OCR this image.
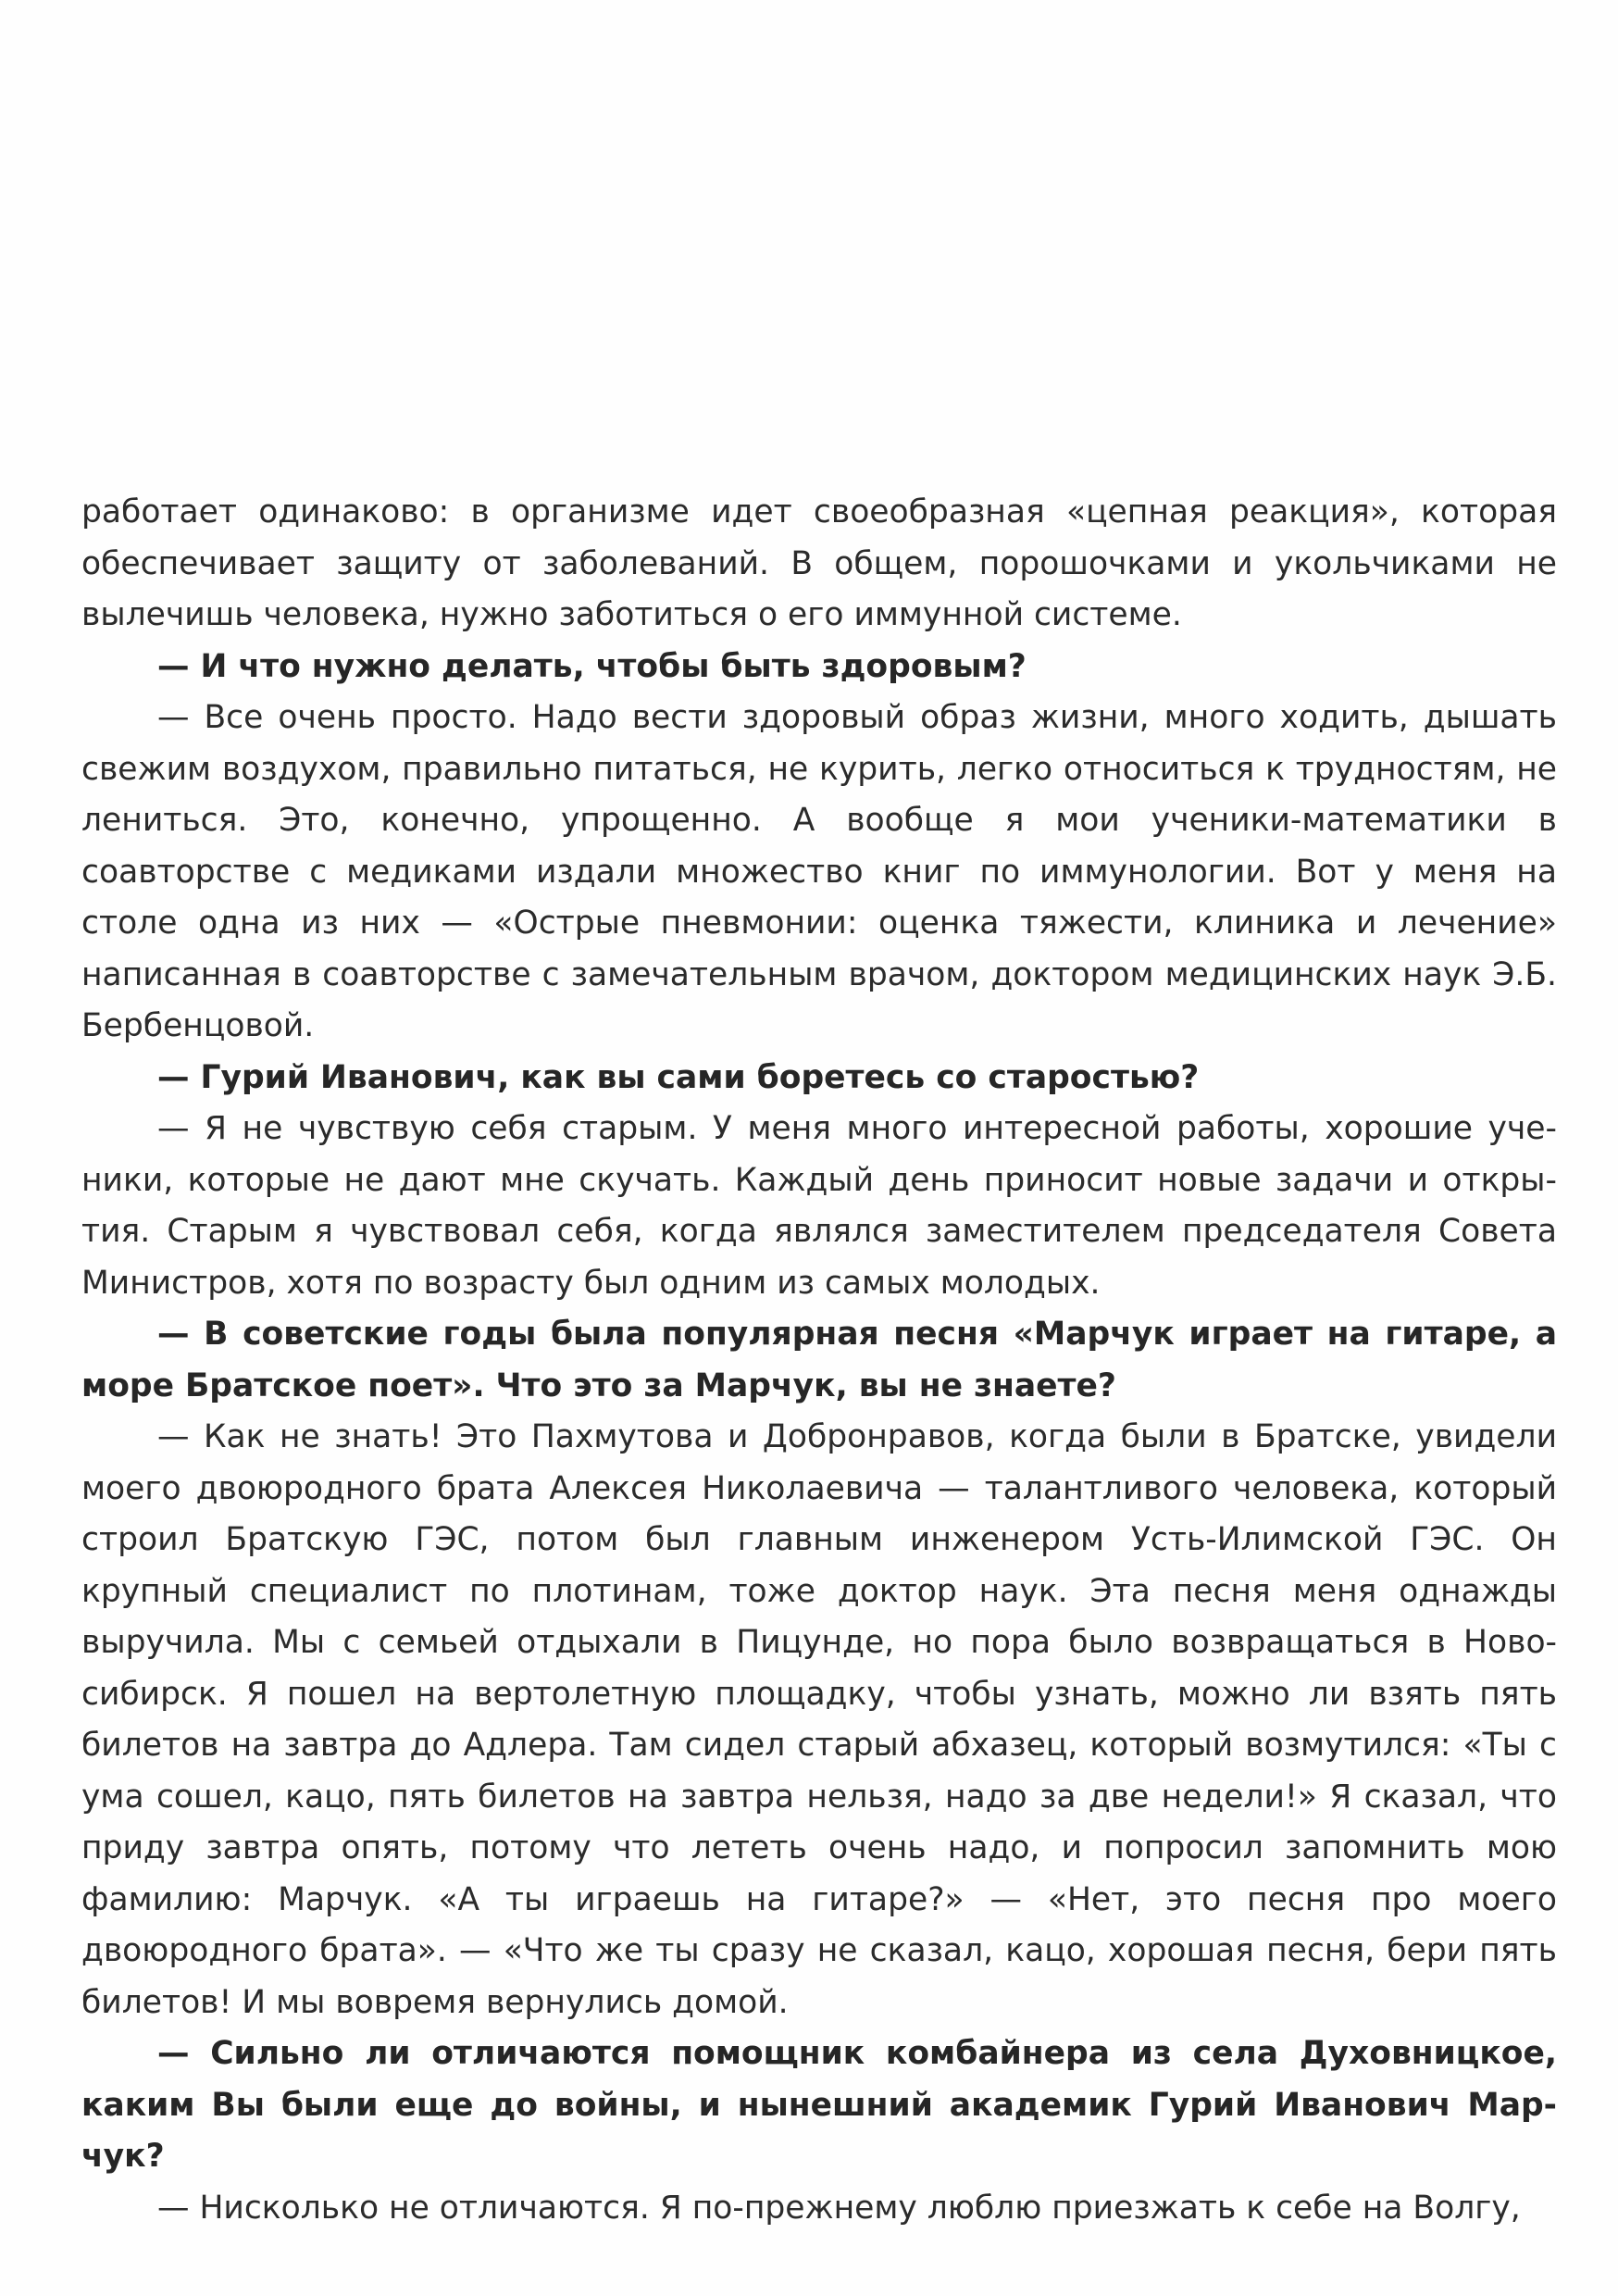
работает одинаково: в организме идет своеобразная «цепная реакция», которая обеспечивает защиту от заболеваний. В общем, порошочками и укольчиками не вылечишь человека, нужно заботиться о его иммунной системе.

— И что нужно делать, чтобы быть здоровым?

— Все очень просто. Надо вести здоровый образ жизни, много ходить, дышать свежим воздухом, правильно питаться, не курить, легко относиться к трудностям, не лениться. Это, конечно, упрощенно. А вообще я мои ученики-математики в соавторстве с медиками издали множество книг по иммунологии. Вот у меня на столе одна из них — «Острые пневмонии: оценка тяжести, клиника и лечение» написанная в соавторстве с замечательным врачом, доктором медицинских наук Э.Б. Бербенцовой.

— Гурий Иванович, как вы сами боретесь со старостью?

— Я не чувствую себя старым. У меня много интересной работы, хорошие ученики, которые не дают мне скучать. Каждый день приносит новые задачи и открытия. Старым я чувствовал себя, когда являлся заместителем председателя Совета Министров, хотя по возрасту был одним из самых молодых.

— В советские годы была популярная песня «Марчук играет на гитаре, а море Братское поет». Что это за Марчук, вы не знаете?

— Как не знать! Это Пахмутова и Добронравов, когда были в Братске, увидели моего двоюродного брата Алексея Николаевича — талантливого человека, который строил Братскую ГЭС, потом был главным инженером Усть-Илимской ГЭС. Он крупный специалист по плотинам, тоже доктор наук. Эта песня меня однажды выручила. Мы с семьей отдыхали в Пицунде, но пора было возвращаться в Новосибирск. Я пошел на вертолетную площадку, чтобы узнать, можно ли взять пять билетов на завтра до Адлера. Там сидел старый абхазец, который возмутился: «Ты с ума сошел, кацо, пять билетов на завтра нельзя, надо за две недели!» Я сказал, что приду завтра опять, потому что лететь очень надо, и попросил запомнить мою фамилию: Марчук. «А ты играешь на гитаре?» — «Нет, это песня про моего двоюродного брата». — «Что же ты сразу не сказал, кацо, хорошая песня, бери пять билетов! И мы вовремя вернулись домой.

— Сильно ли отличаются помощник комбайнера из села Духовницкое, каким Вы были еще до войны, и нынешний академик Гурий Иванович Марчук?

— Нисколько не отличаются. Я по-прежнему люблю приезжать к себе на Волгу,
